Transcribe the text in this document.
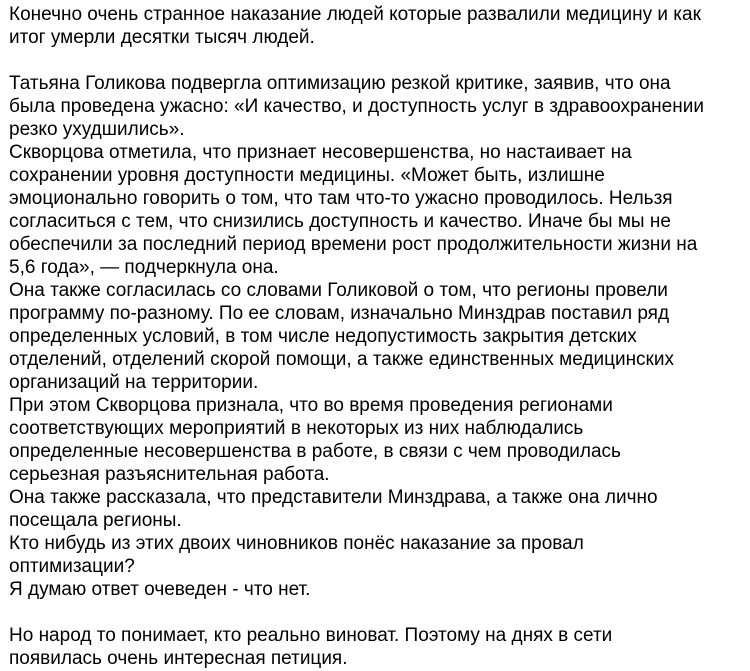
Конечно очень странное наказание людей которые развалили медицину и как
итог умерли десятки тысяч людей.

Татьяна Голикова подвергла оптимизацию резкой критике, заявив, что она
была проведена ужасно: «И качество, и доступность услуг в здравоохранении
резко ухудшились».
Скворцова отметила, что признает несовершенства, но настаивает на
сохранении уровня доступности медицины. «Может быть, излишне
эмоционально говорить о том, что там что-то ужасно проводилось. Нельзя
согласиться с тем, что снизились доступность и качество. Иначе бы мы не
обеспечили за последний период времени рост продолжительности жизни на
5,6 года», — подчеркнула она.
Она также согласилась со словами Голиковой о том, что регионы провели
программу по-разному. По ее словам, изначально Минздрав поставил ряд
определенных условий, в том числе недопустимость закрытия детских
отделений, отделений скорой помощи, а также единственных медицинских
организаций на территории.
При этом Скворцова признала, что во время проведения регионами
соответствующих мероприятий в некоторых из них наблюдались
определенные несовершенства в работе, в связи с чем проводилась
серьезная разъяснительная работа.
Она также рассказала, что представители Минздрава, а также она лично
посещала регионы.
Кто нибудь из этих двоих чиновников понёс наказание за провал
оптимизации?
Я думаю ответ очеведен - что нет.

Но народ то понимает, кто реально виноват. Поэтому на днях в сети
появилась очень интересная петиция.
